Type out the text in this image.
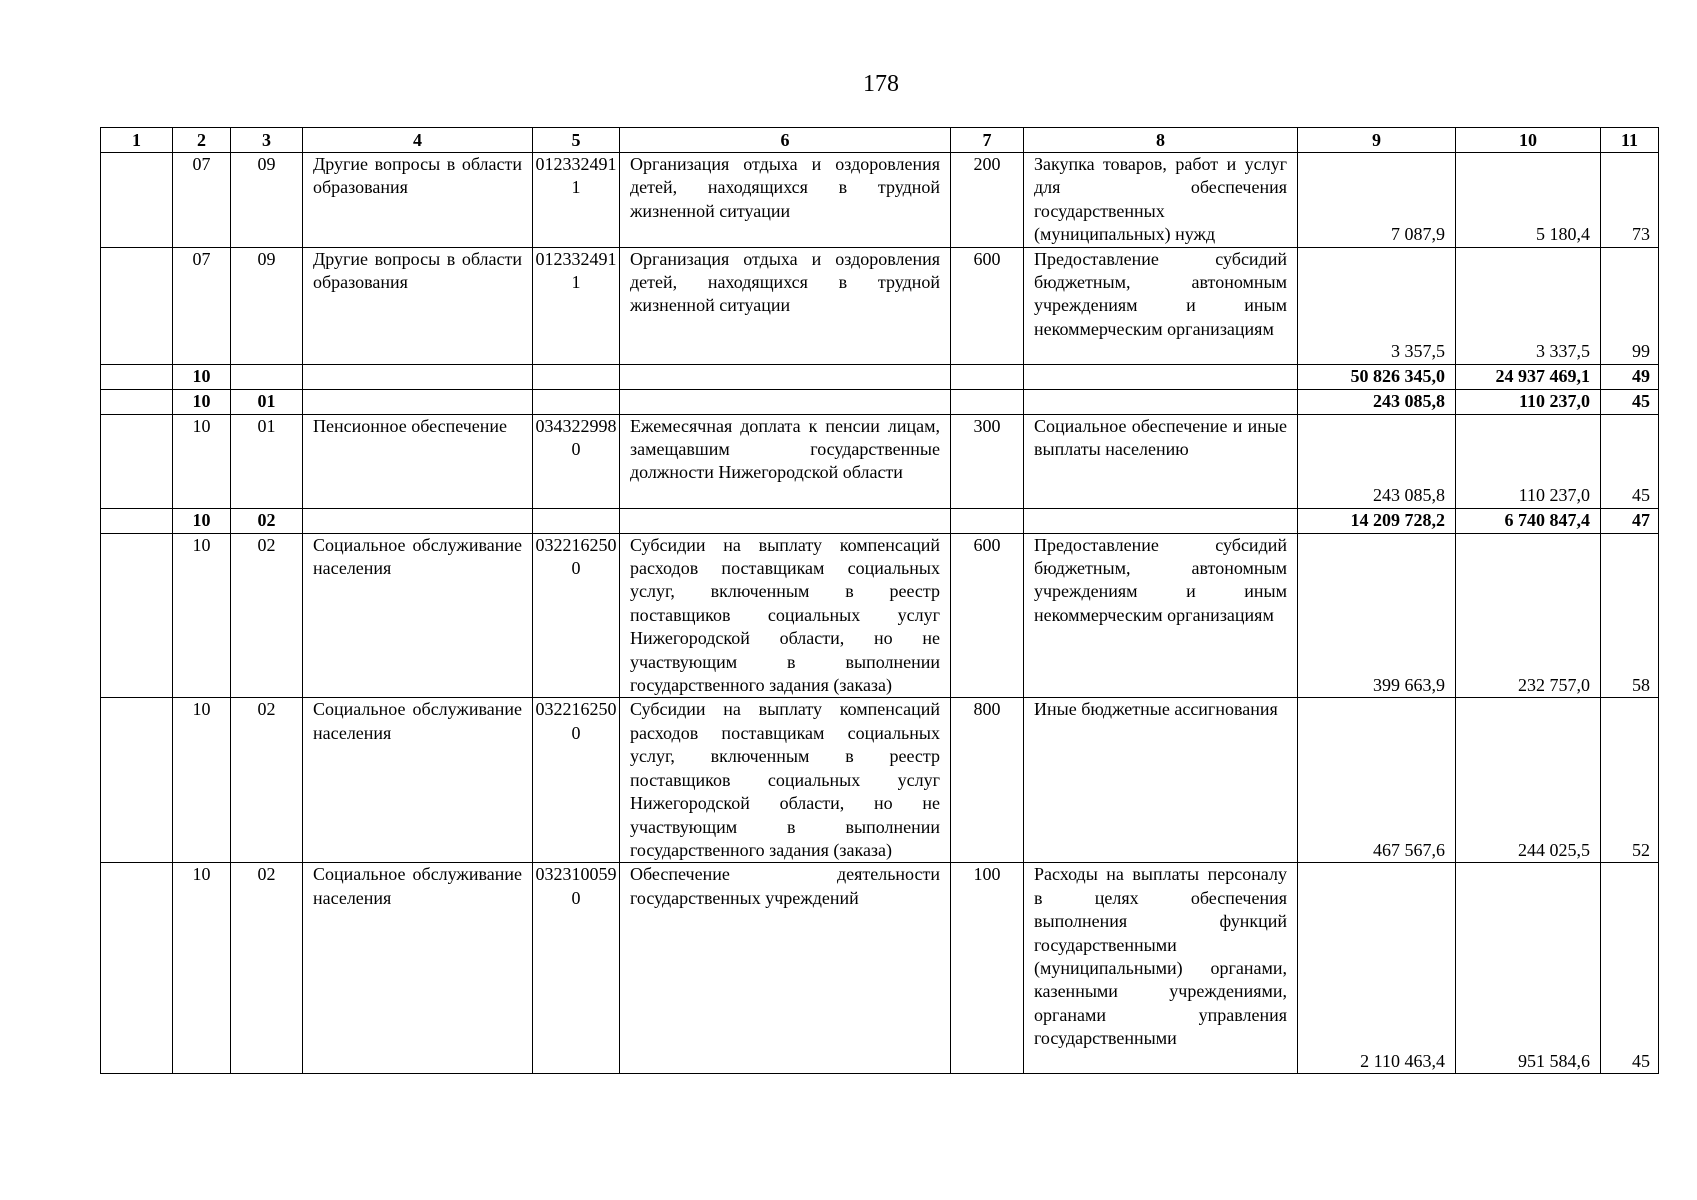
178
1	2	3	4	5	6	7	8	9	10	11
	07	09	Другие вопросы в области образования	0123324911	Организация отдыха и оздоровления детей, находящихся в трудной жизненной ситуации	200	Закупка товаров, работ и услуг для обеспечения государственных (муниципальных) нужд	7 087,9	5 180,4	73
	07	09	Другие вопросы в области образования	0123324911	Организация отдыха и оздоровления детей, находящихся в трудной жизненной ситуации	600	Предоставление субсидий бюджетным, автономным учреждениям и иным некоммерческим организациям	3 357,5	3 337,5	99
	10							50 826 345,0	24 937 469,1	49
	10	01						243 085,8	110 237,0	45
	10	01	Пенсионное обеспечение	0343229980	Ежемесячная доплата к пенсии лицам, замещавшим государственные должности Нижегородской области	300	Социальное обеспечение и иные выплаты населению	243 085,8	110 237,0	45
	10	02						14 209 728,2	6 740 847,4	47
	10	02	Социальное обслуживание населения	0322162500	Субсидии на выплату компенсаций расходов поставщикам социальных услуг, включенным в реестр поставщиков социальных услуг Нижегородской области, но не участвующим в выполнении государственного задания (заказа)	600	Предоставление субсидий бюджетным, автономным учреждениям и иным некоммерческим организациям	399 663,9	232 757,0	58
	10	02	Социальное обслуживание населения	0322162500	Субсидии на выплату компенсаций расходов поставщикам социальных услуг, включенным в реестр поставщиков социальных услуг Нижегородской области, но не участвующим в выполнении государственного задания (заказа)	800	Иные бюджетные ассигнования	467 567,6	244 025,5	52
	10	02	Социальное обслуживание населения	0323100590	Обеспечение деятельности государственных учреждений	100	Расходы на выплаты персоналу в целях обеспечения выполнения функций государственными (муниципальными) органами, казенными учреждениями, органами управления государственными	2 110 463,4	951 584,6	45
